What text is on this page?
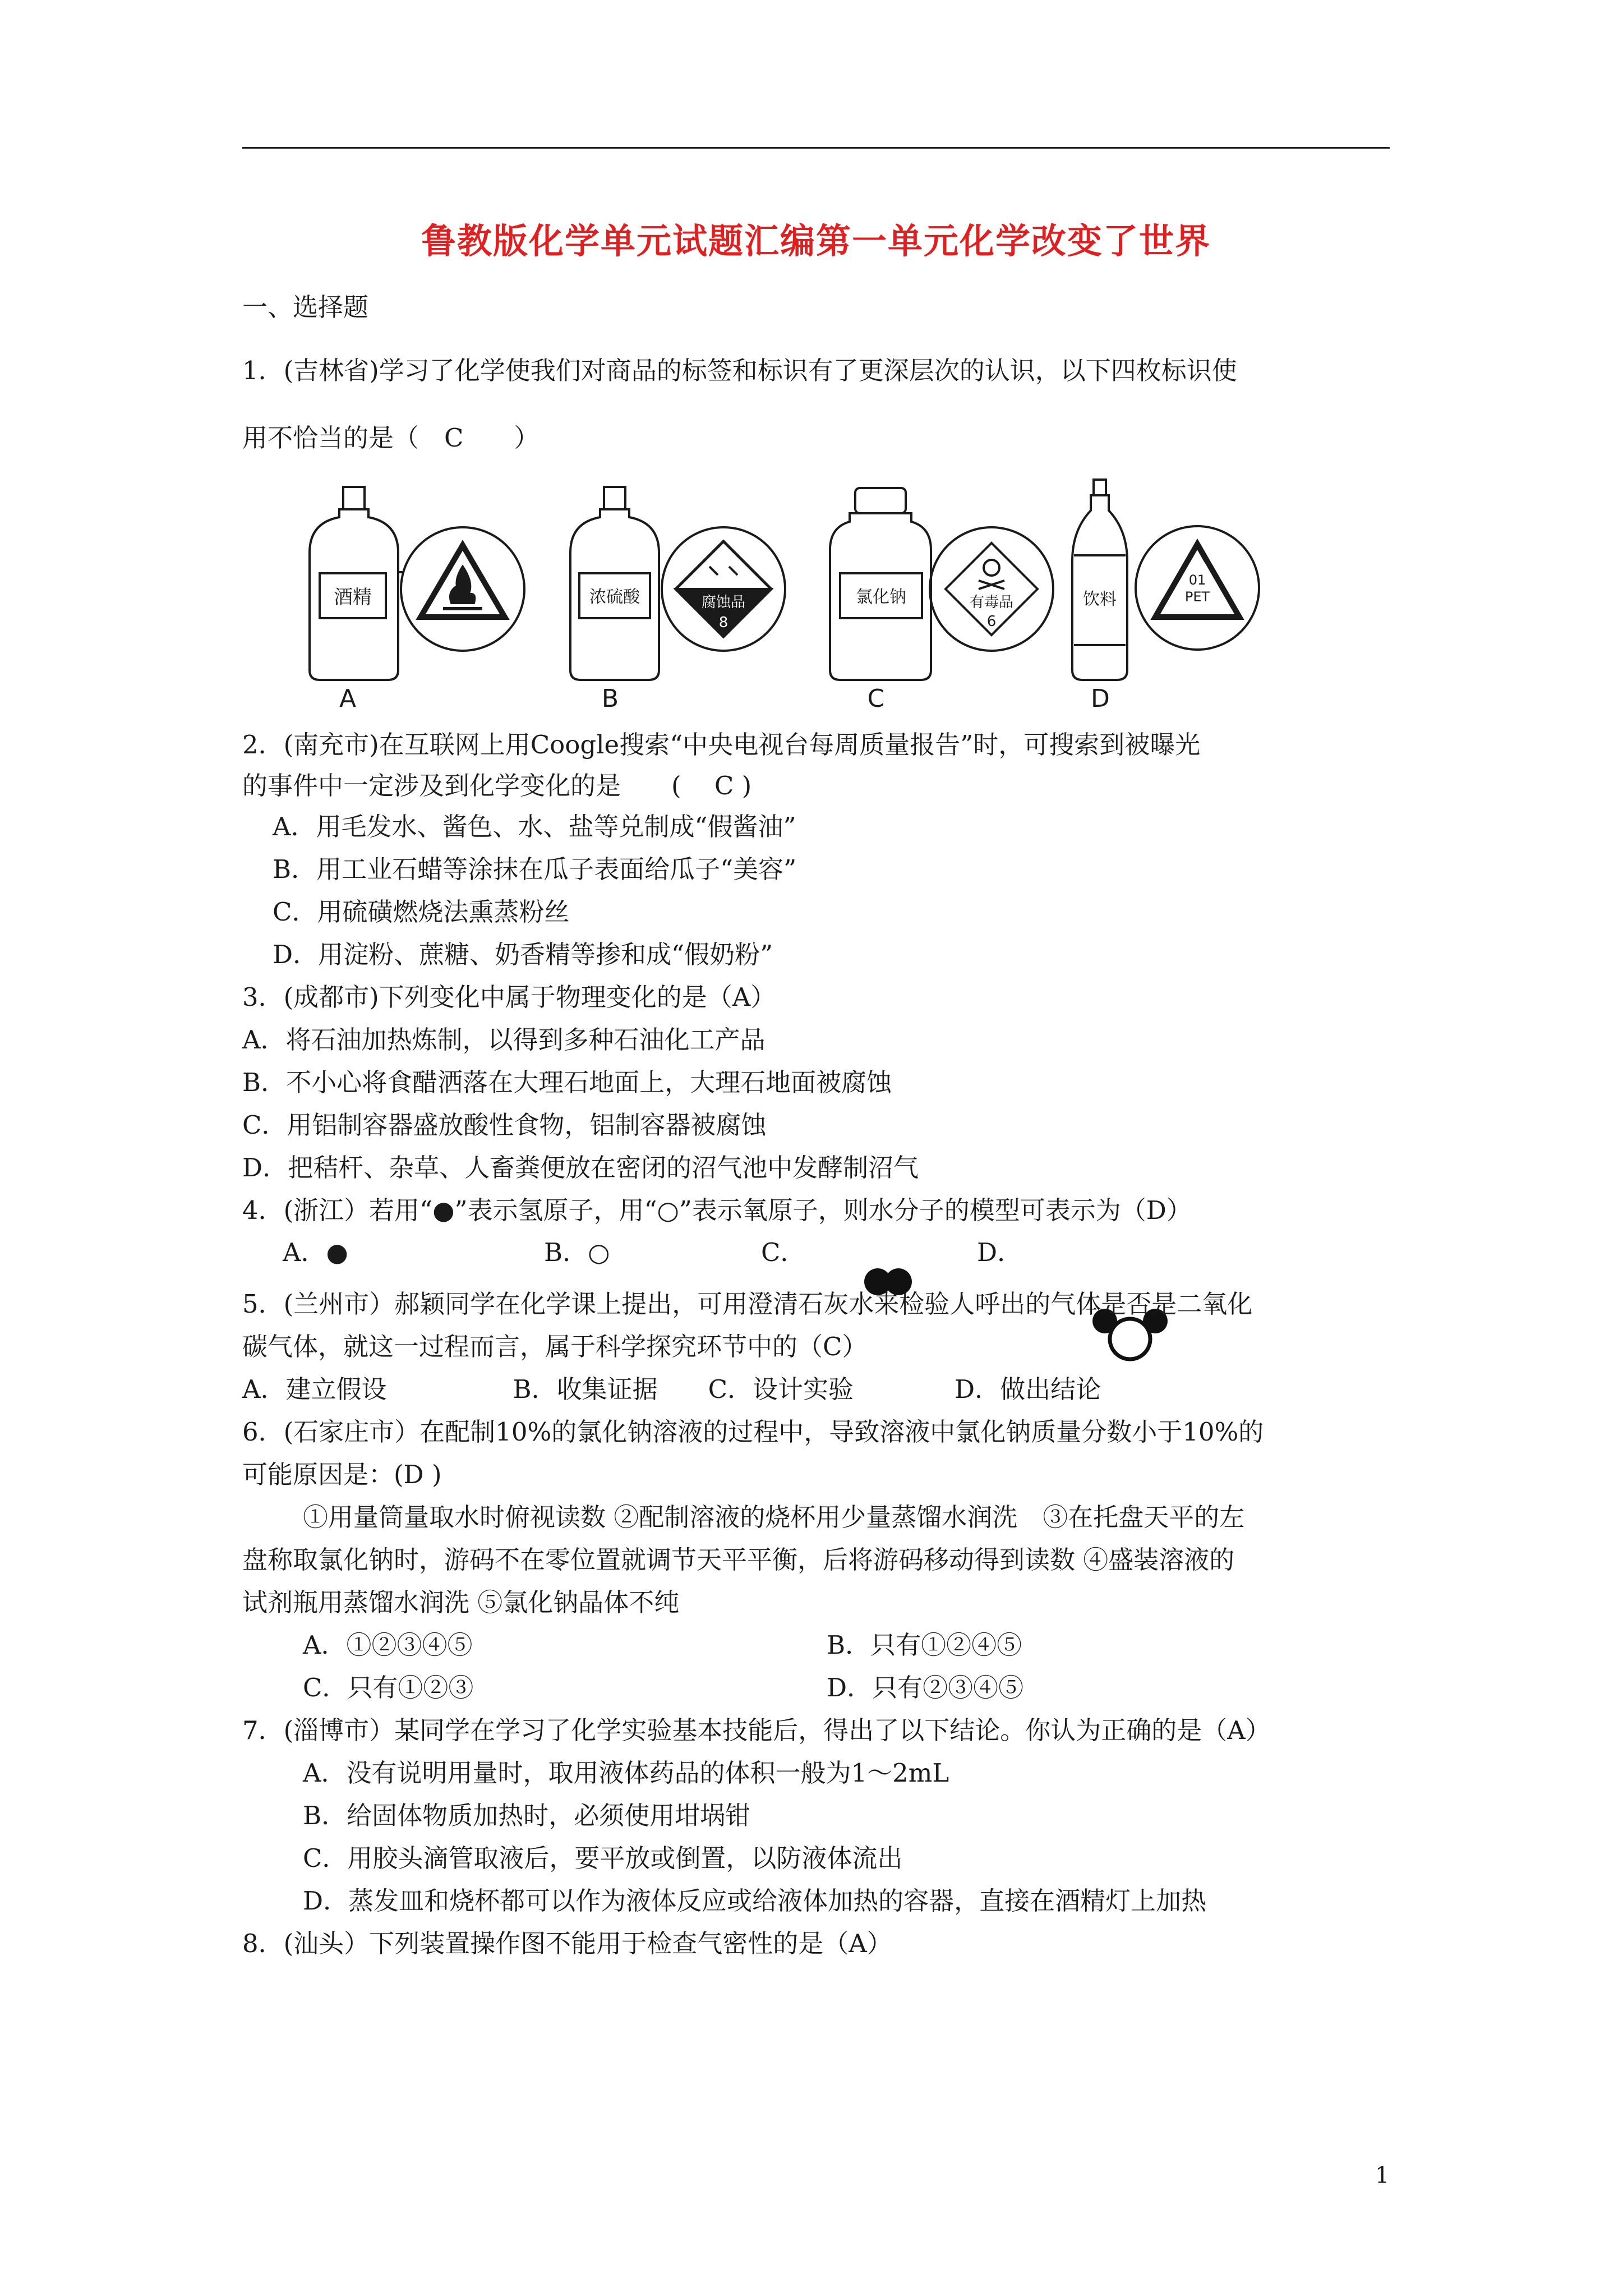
鲁教版化学单元试题汇编第一单元化学改变了世界
一、选择题
1．(吉林省)学习了化学使我们对商品的标签和标识有了更深层次的认识，以下四枚标识使
用不恰当的是（　C　　）
酒精
A
浓硫酸	腐蚀品
8
B
氯化钠	有毒品
6
C
饮料
01
PET
D
2．(南充市)在互联网上用Coogle搜索“中央电视台每周质量报告”时，可搜索到被曝光
的事件中一定涉及到化学变化的是　　(　 C )
A．用毛发水、酱色、水、盐等兑制成“假酱油”
B．用工业石蜡等涂抹在瓜子表面给瓜子“美容”
C．用硫磺燃烧法熏蒸粉丝
D．用淀粉、蔗糖、奶香精等掺和成“假奶粉”
3．(成都市)下列变化中属于物理变化的是（A）
A．将石油加热炼制，以得到多种石油化工产品
B．不小心将食醋洒落在大理石地面上，大理石地面被腐蚀
C．用铝制容器盛放酸性食物，铝制容器被腐蚀
D．把秸杆、杂草、人畜粪便放在密闭的沼气池中发酵制沼气
4．(浙江）若用“●”表示氢原子，用“○”表示氧原子，则水分子的模型可表示为（D）
A．●	B．○	C．	D．
5．(兰州市）郝颖同学在化学课上提出，可用澄清石灰水来检验人呼出的气体是否是二氧化
碳气体，就这一过程而言，属于科学探究环节中的（C）
A．建立假设　　　　　B．收集证据　　C．设计实验　　　　D．做出结论
6．(石家庄市）在配制10%的氯化钠溶液的过程中，导致溶液中氯化钠质量分数小于10%的
可能原因是：(D )
①用量筒量取水时俯视读数 ②配制溶液的烧杯用少量蒸馏水润洗　③在托盘天平的左
盘称取氯化钠时，游码不在零位置就调节天平平衡，后将游码移动得到读数 ④盛装溶液的
试剂瓶用蒸馏水润洗 ⑤氯化钠晶体不纯
A．①②③④⑤	B．只有①②④⑤
C．只有①②③	D．只有②③④⑤
7．(淄博市）某同学在学习了化学实验基本技能后，得出了以下结论。你认为正确的是（A）
A．没有说明用量时，取用液体药品的体积一般为1～2mL
B．给固体物质加热时，必须使用坩埚钳
C．用胶头滴管取液后，要平放或倒置，以防液体流出
D．蒸发皿和烧杯都可以作为液体反应或给液体加热的容器，直接在酒精灯上加热
8．(汕头）下列装置操作图不能用于检查气密性的是（A）
1
